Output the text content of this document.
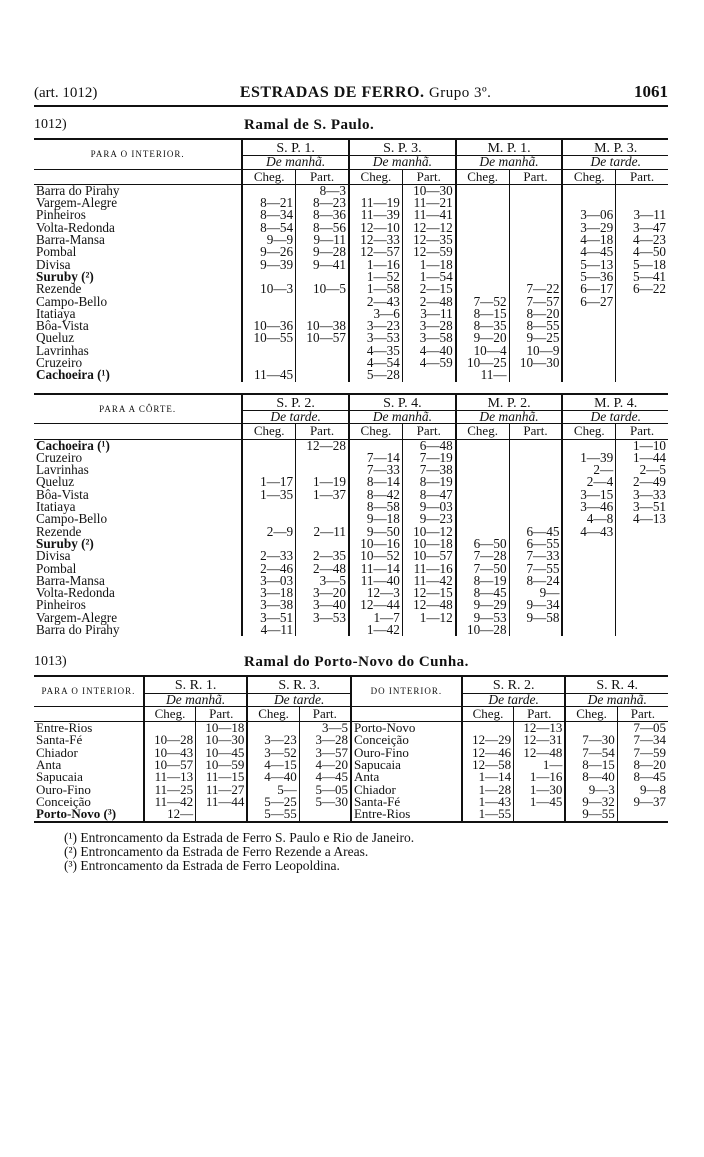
(art. 1012)	ESTRADAS DE FERRO. Grupo 3º.	1061
1012)	Ramal de S. Paulo.
PARA O INTERIOR.	S. P. 1.		S. P. 3.		M. P. 1.		M. P. 3.	
	De manhã.		De manhã.		De manhã.		De tarde.	
	Cheg.	Part.	Cheg.	Part.	Cheg.	Part.	Cheg.	Part.
Barra do Pirahy		8—3		10—30				
Vargem-Alegre	8—21	8—23	11—19	11—21				
Pinheiros	8—34	8—36	11—39	11—41			3—06	3—11
Volta-Redonda	8—54	8—56	12—10	12—12			3—29	3—47
Barra-Mansa	9—9	9—11	12—33	12—35			4—18	4—23
Pombal	9—26	9—28	12—57	12—59			4—45	4—50
Divisa	9—39	9—41	1—16	1—18			5—13	5—18
Suruby (²)			1—52	1—54			5—36	5—41
Rezende	10—3	10—5	1—58	2—15		7—22	6—17	6—22
Campo-Bello			2—43	2—48	7—52	7—57	6—27	
Itatiaya			3—6	3—11	8—15	8—20		
Bôa-Vista	10—36	10—38	3—23	3—28	8—35	8—55		
Queluz	10—55	10—57	3—53	3—58	9—20	9—25		
Lavrinhas			4—35	4—40	10—4	10—9		
Cruzeiro			4—54	4—59	10—25	10—30		
Cachoeira (¹)	11—45		5—28		11—			

PARA A CÔRTE.	S. P. 2.		S. P. 4.		M. P. 2.		M. P. 4.	
	De tarde.		De manhã.		De manhã.		De tarde.	
	Cheg.	Part.	Cheg.	Part.	Cheg.	Part.	Cheg.	Part.
Cachoeira (¹)		12—28		6—48				1—10
Cruzeiro			7—14	7—19			1—39	1—44
Lavrinhas			7—33	7—38			2—	2—5
Queluz	1—17	1—19	8—14	8—19			2—4	2—49
Bôa-Vista	1—35	1—37	8—42	8—47			3—15	3—33
Itatiaya			8—58	9—03			3—46	3—51
Campo-Bello			9—18	9—23			4—8	4—13
Rezende	2—9	2—11	9—50	10—12		6—45	4—43	
Suruby (²)			10—16	10—18	6—50	6—55		
Divisa	2—33	2—35	10—52	10—57	7—28	7—33		
Pombal	2—46	2—48	11—14	11—16	7—50	7—55		
Barra-Mansa	3—03	3—5	11—40	11—42	8—19	8—24		
Volta-Redonda	3—18	3—20	12—3	12—15	8—45	9—		
Pinheiros	3—38	3—40	12—44	12—48	9—29	9—34		
Vargem-Alegre	3—51	3—53	1—7	1—12	9—53	9—58		
Barra do Pirahy	4—11		1—42		10—28			
1013)	Ramal do Porto-Novo do Cunha.
PARA O INTERIOR.	S. R. 1.		S. R. 3.		DO INTERIOR.	S. R. 2.		S. R. 4.	
	De manhã.		De tarde.			De tarde.		De manhã.	
	Cheg.	Part.	Cheg.	Part.		Cheg.	Part.	Cheg.	Part.
Entre-Rios		10—18		3—5	Porto-Novo		12—13		7—05
Santa-Fé	10—28	10—30	3—23	3—28	Conceição	12—29	12—31	7—30	7—34
Chiador	10—43	10—45	3—52	3—57	Ouro-Fino	12—46	12—48	7—54	7—59
Anta	10—57	10—59	4—15	4—20	Sapucaia	12—58	1—	8—15	8—20
Sapucaia	11—13	11—15	4—40	4—45	Anta	1—14	1—16	8—40	8—45
Ouro-Fino	11—25	11—27	5—	5—05	Chiador	1—28	1—30	9—3	9—8
Conceição	11—42	11—44	5—25	5—30	Santa-Fé	1—43	1—45	9—32	9—37
Porto-Novo (³)	12—		5—55		Entre-Rios	1—55		9—55	
(¹) Entroncamento da Estrada de Ferro S. Paulo e Rio de Janeiro.
(²) Entroncamento da Estrada de Ferro Rezende a Areas.
(³) Entroncamento da Estrada de Ferro Leopoldina.
